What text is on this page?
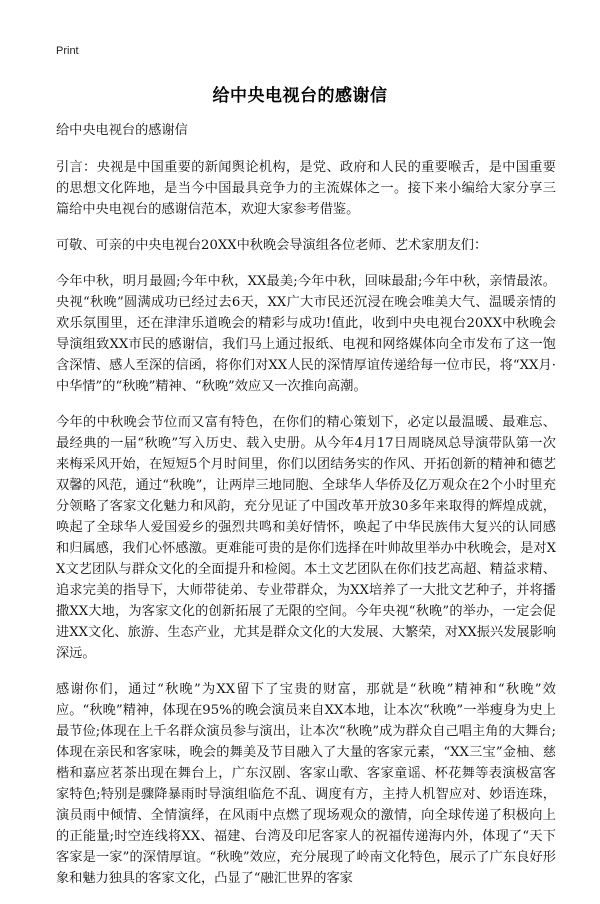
Print
给中央电视台的感谢信

给中央电视台的感谢信

引言：央视是中国重要的新闻舆论机构，是党、政府和人民的重要喉舌，是中国重要的思想文化阵地，是当今中国最具竞争力的主流媒体之一。接下来小编给大家分享三篇给中央电视台的感谢信范本，欢迎大家参考借鉴。

可敬、可亲的中央电视台20XX中秋晚会导演组各位老师、艺术家朋友们：

今年中秋，明月最圆;今年中秋，XX最美;今年中秋，回味最甜;今年中秋，亲情最浓。央视“秋晚”圆满成功已经过去6天，XX广大市民还沉浸在晚会唯美大气、温暖亲情的欢乐氛围里，还在津津乐道晚会的精彩与成功!值此，收到中央电视台20XX中秋晚会导演组致XX市民的感谢信，我们马上通过报纸、电视和网络媒体向全市发布了这一饱含深情、感人至深的信函，将你们对XX人民的深情厚谊传递给每一位市民，将“XX月·中华情”的“秋晚”精神、“秋晚”效应又一次推向高潮。

今年的中秋晚会节位而又富有特色，在你们的精心策划下，必定以最温暖、最难忘、最经典的一届“秋晚”写入历史、载入史册。从今年4月17日周晓凤总导演带队第一次来梅采风开始，在短短5个月时间里，你们以团结务实的作风、开拓创新的精神和德艺双馨的风范，通过“秋晚”，让两岸三地同胞、全球华人华侨及亿万观众在2个小时里充分领略了客家文化魅力和风韵，充分见证了中国改革开放30多年来取得的辉煌成就，唤起了全球华人爱国爱乡的强烈共鸣和美好情怀，唤起了中华民族伟大复兴的认同感和归属感，我们心怀感激。更难能可贵的是你们选择在叶帅故里举办中秋晚会，是对XX文艺团队与群众文化的全面提升和检阅。本土文艺团队在你们技艺高超、精益求精、追求完美的指导下，大师带徒弟、专业带群众，为XX培养了一大批文艺种子，并将播撒XX大地，为客家文化的创新拓展了无限的空间。今年央视“秋晚”的举办，一定会促进XX文化、旅游、生态产业，尤其是群众文化的大发展、大繁荣，对XX振兴发展影响深远。

感谢你们，通过“秋晚”为XX留下了宝贵的财富，那就是“秋晚”精神和“秋晚”效应。“秋晚”精神，体现在95%的晚会演员来自XX本地，让本次“秋晚”一举瘦身为史上最节俭;体现在上千名群众演员参与演出，让本次“秋晚”成为群众自己唱主角的大舞台;体现在亲民和客家味，晚会的舞美及节目融入了大量的客家元素，“XX三宝”金柚、慈楷和嘉应茗茶出现在舞台上，广东汉剧、客家山歌、客家童谣、杯花舞等表演极富客家特色;特别是骤降暴雨时导演组临危不乱、调度有方，主持人机智应对、妙语连珠，演员雨中倾情、全情演绎，在风雨中点燃了现场观众的激情，向全球传递了积极向上的正能量;时空连线将XX、福建、台湾及印尼客家人的祝福传递海内外，体现了“天下客家是一家”的深情厚谊。“秋晚”效应，充分展现了岭南文化特色，展示了广东良好形象和魅力独具的客家文化，凸显了“融汇世界的客家
